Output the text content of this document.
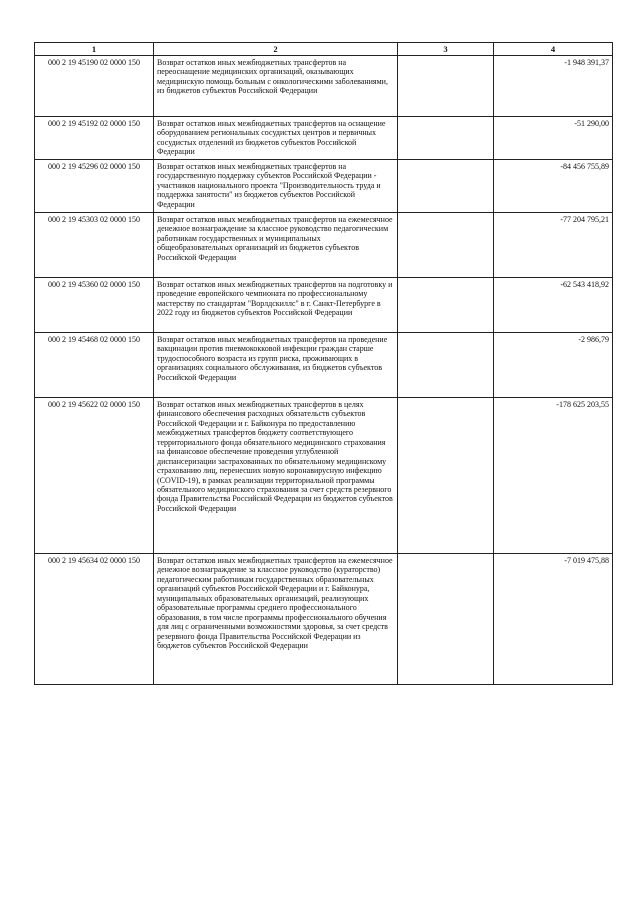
1	2	3	4
000 2 19 45190 02 0000 150	Возврат остатков иных межбюджетных трансфертов на переоснащение медицинских организаций, оказывающих медицинскую помощь больным с онкологическими заболеваниями, из бюджетов субъектов Российской Федерации		-1 948 391,37
000 2 19 45192 02 0000 150	Возврат остатков иных межбюджетных трансфертов на оснащение оборудованием региональных сосудистых центров и первичных сосудистых отделений из бюджетов субъектов Российской Федерации		-51 290,00
000 2 19 45296 02 0000 150	Возврат остатков иных межбюджетных трансфертов на государственную поддержку субъектов Российской Федерации - участников национального проекта "Производительность труда и поддержка занятости" из бюджетов субъектов Российской Федерации		-84 456 755,89
000 2 19 45303 02 0000 150	Возврат остатков иных межбюджетных трансфертов на ежемесячное денежное вознаграждение за классное руководство педагогическим работникам государственных и муниципальных общеобразовательных организаций из бюджетов субъектов Российской Федерации		-77 204 795,21
000 2 19 45360 02 0000 150	Возврат остатков иных межбюджетных трансфертов на подготовку и проведение европейского чемпионата по профессиональному мастерству по стандартам "Ворлдскиллс" в г. Санкт-Петербурге в 2022 году из бюджетов субъектов Российской Федерации		-62 543 418,92
000 2 19 45468 02 0000 150	Возврат остатков иных межбюджетных трансфертов на проведение вакцинации против пневмококковой инфекции граждан старше трудоспособного возраста из групп риска, проживающих в организациях социального обслуживания, из бюджетов субъектов Российской Федерации		-2 986,79
000 2 19 45622 02 0000 150	Возврат остатков иных межбюджетных трансфертов в целях финансового обеспечения расходных обязательств субъектов Российской Федерации и г. Байконура по предоставлению межбюджетных трансфертов бюджету соответствующего территориального фонда обязательного медицинского страхования на финансовое обеспечение проведения углубленной диспансеризации застрахованных по обязательному медицинскому страхованию лиц, перенесших новую коронавирусную инфекцию (COVID-19), в рамках реализации территориальной программы обязательного медицинского страхования за счет средств резервного фонда Правительства Российской Федерации из бюджетов субъектов Российской Федерации		-178 625 203,55
000 2 19 45634 02 0000 150	Возврат остатков иных межбюджетных трансфертов на ежемесячное денежное вознаграждение за классное руководство (кураторство) педагогическим работникам государственных образовательных организаций субъектов Российской Федерации и г. Байконура, муниципальных образовательных организаций, реализующих образовательные программы среднего профессионального образования, в том числе программы профессионального обучения для лиц с ограниченными возможностями здоровья, за счет средств резервного фонда Правительства Российской Федерации из бюджетов субъектов Российской Федерации		-7 019 475,88
